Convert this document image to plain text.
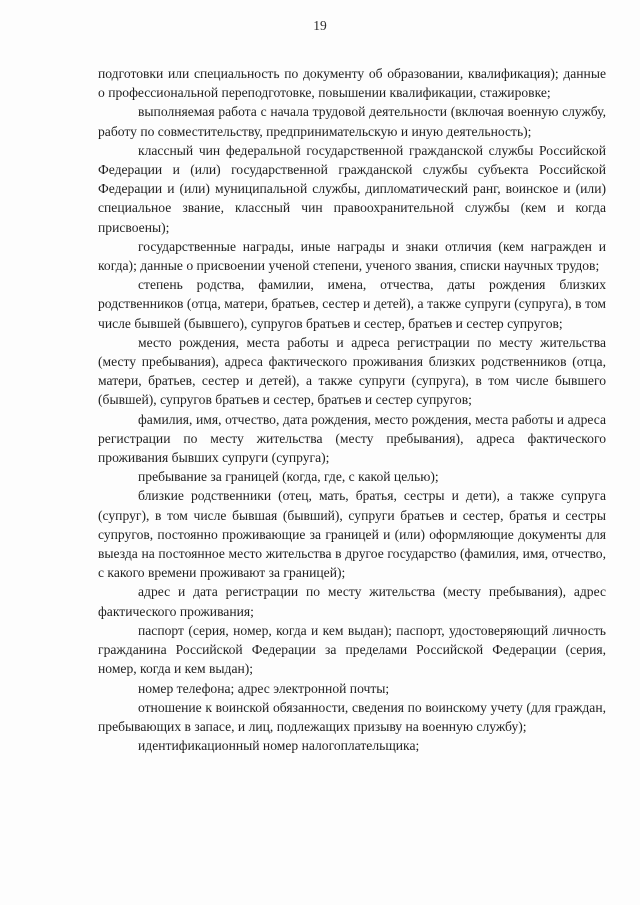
19

подготовки или специальность по документу об образовании, квалификация); данные о профессиональной переподготовке, повышении квалификации, стажировке;

выполняемая работа с начала трудовой деятельности (включая военную службу, работу по совместительству, предпринимательскую и иную деятельность);

классный чин федеральной государственной гражданской службы Российской Федерации и (или) государственной гражданской службы субъекта Российской Федерации и (или) муниципальной службы, дипломатический ранг, воинское и (или) специальное звание, классный чин правоохранительной службы (кем и когда присвоены);

государственные награды, иные награды и знаки отличия (кем награжден и когда); данные о присвоении ученой степени, ученого звания, списки научных трудов;

степень родства, фамилии, имена, отчества, даты рождения близких родственников (отца, матери, братьев, сестер и детей), а также супруги (супруга), в том числе бывшей (бывшего), супругов братьев и сестер, братьев и сестер супругов;

место рождения, места работы и адреса регистрации по месту жительства (месту пребывания), адреса фактического проживания близких родственников (отца, матери, братьев, сестер и детей), а также супруги (супруга), в том числе бывшего (бывшей), супругов братьев и сестер, братьев и сестер супругов;

фамилия, имя, отчество, дата рождения, место рождения, места работы и адреса регистрации по месту жительства (месту пребывания), адреса фактического проживания бывших супруги (супруга);

пребывание за границей (когда, где, с какой целью);

близкие родственники (отец, мать, братья, сестры и дети), а также супруга (супруг), в том числе бывшая (бывший), супруги братьев и сестер, братья и сестры супругов, постоянно проживающие за границей и (или) оформляющие документы для выезда на постоянное место жительства в другое государство (фамилия, имя, отчество, с какого времени проживают за границей);

адрес и дата регистрации по месту жительства (месту пребывания), адрес фактического проживания;

паспорт (серия, номер, когда и кем выдан); паспорт, удостоверяющий личность гражданина Российской Федерации за пределами Российской Федерации (серия, номер, когда и кем выдан);

номер телефона; адрес электронной почты;

отношение к воинской обязанности, сведения по воинскому учету (для граждан, пребывающих в запасе, и лиц, подлежащих призыву на военную службу);

идентификационный номер налогоплательщика;
